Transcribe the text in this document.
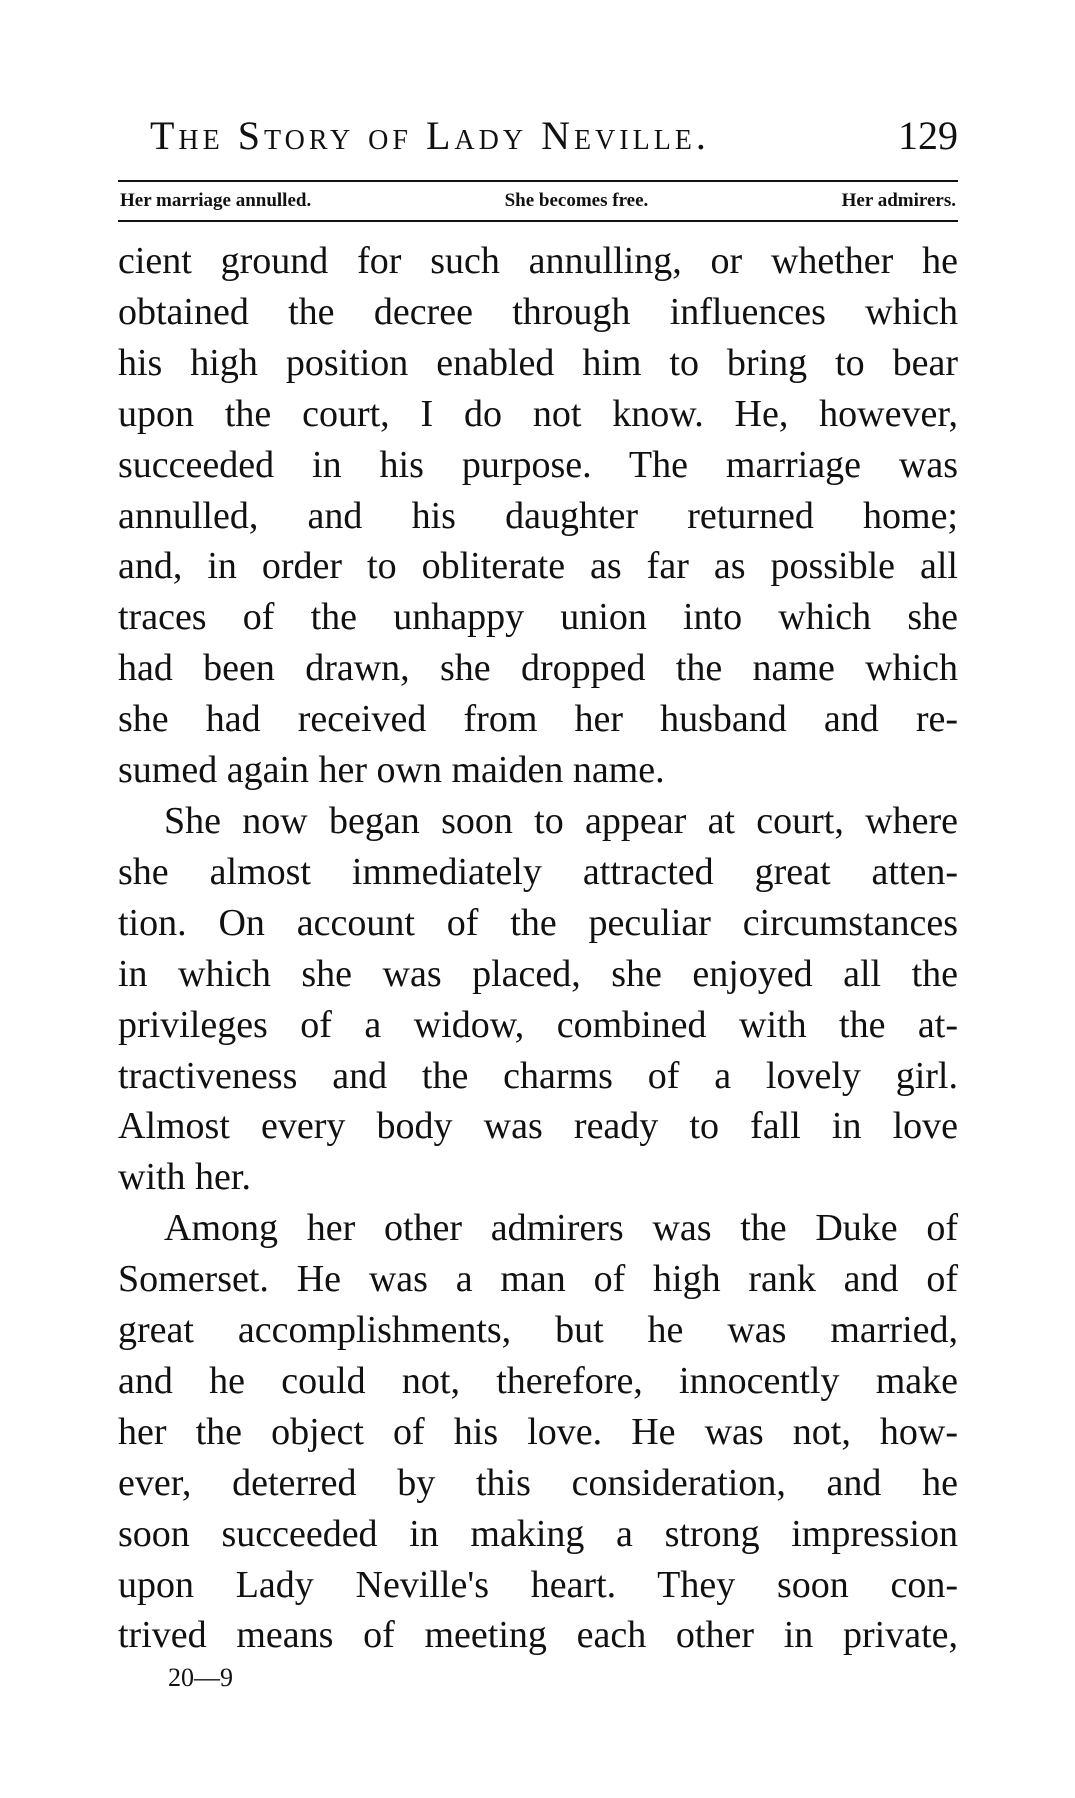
The Story of Lady Neville.	129
Her marriage annulled.	She becomes free.	Her admirers.
cient ground for such annulling, or whether he
obtained the decree through influences which
his high position enabled him to bring to bear
upon the court, I do not know. He, however,
succeeded in his purpose. The marriage was
annulled, and his daughter returned home;
and, in order to obliterate as far as possible all
traces of the unhappy union into which she
had been drawn, she dropped the name which
she had received from her husband and re-
sumed again her own maiden name.
She now began soon to appear at court, where
she almost immediately attracted great atten-
tion. On account of the peculiar circumstances
in which she was placed, she enjoyed all the
privileges of a widow, combined with the at-
tractiveness and the charms of a lovely girl.
Almost every body was ready to fall in love
with her.
Among her other admirers was the Duke of
Somerset. He was a man of high rank and of
great accomplishments, but he was married,
and he could not, therefore, innocently make
her the object of his love. He was not, how-
ever, deterred by this consideration, and he
soon succeeded in making a strong impression
upon Lady Neville's heart. They soon con-
trived means of meeting each other in private,
20—9
